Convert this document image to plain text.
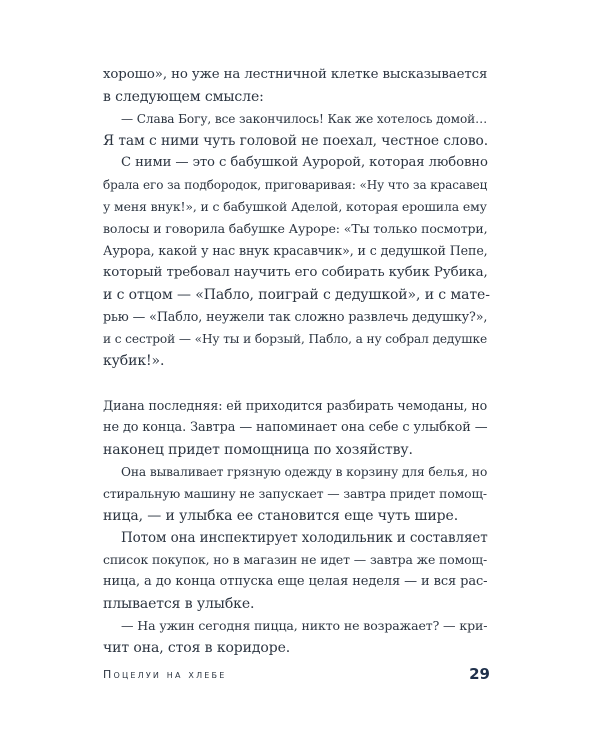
хорошо», но уже на лестничной клетке высказывается

в следующем смысле:

— Слава Богу, все закончилось! Как же хотелось домой…

Я там с ними чуть головой не поехал, честное слово.

С ними — это с бабушкой Ауророй, которая любовно

брала его за подбородок, приговаривая: «Ну что за красавец

у меня внук!», и с бабушкой Аделой, которая ерошила ему

волосы и говорила бабушке Ауроре: «Ты только посмотри,

Аурора, какой у нас внук красавчик», и с дедушкой Пепе,

который требовал научить его собирать кубик Рубика,

и с отцом — «Пабло, поиграй с дедушкой», и с мате-

рью — «Пабло, неужели так сложно развлечь дедушку?»,

и с сестрой — «Ну ты и борзый, Пабло, а ну собрал дедушке

кубик!».

Диана последняя: ей приходится разбирать чемоданы, но

не до конца. Завтра — напоминает она себе с улыбкой —

наконец придет помощница по хозяйству.

Она вываливает грязную одежду в корзину для белья, но

стиральную машину не запускает — завтра придет помощ-

ница, — и улыбка ее становится еще чуть шире.

Потом она инспектирует холодильник и составляет

список покупок, но в магазин не идет — завтра же помощ-

ница, а до конца отпуска еще целая неделя — и вся рас-

плывается в улыбке.

— На ужин сегодня пицца, никто не возражает? — кри-

чит она, стоя в коридоре.

Поцелуи на хлебе	29
